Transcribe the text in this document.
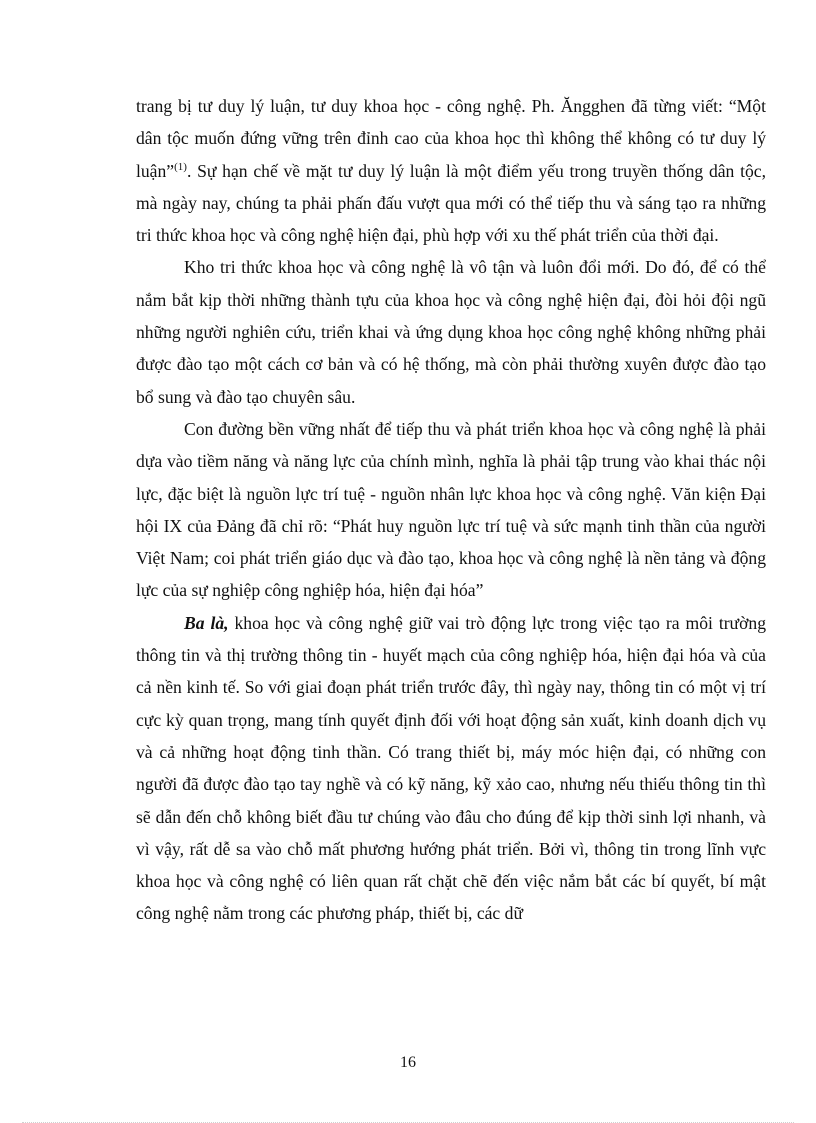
trang bị tư duy lý luận, tư duy khoa học - công nghệ. Ph. Ăngghen đã từng viết: “Một dân tộc muốn đứng vững trên đỉnh cao của khoa học thì không thể không có tư duy lý luận”$^{(1)}$. Sự hạn chế về mặt tư duy lý luận là một điểm yếu trong truyền thống dân tộc, mà ngày nay, chúng ta phải phấn đấu vượt qua mới có thể tiếp thu và sáng tạo ra những tri thức khoa học và công nghệ hiện đại, phù hợp với xu thế phát triển của thời đại.

Kho tri thức khoa học và công nghệ là vô tận và luôn đổi mới. Do đó, để có thể nắm bắt kịp thời những thành tựu của khoa học và công nghệ hiện đại, đòi hỏi đội ngũ những người nghiên cứu, triển khai và ứng dụng khoa học công nghệ không những phải được đào tạo một cách cơ bản và có hệ thống, mà còn phải thường xuyên được đào tạo bổ sung và đào tạo chuyên sâu.

Con đường bền vững nhất để tiếp thu và phát triển khoa học và công nghệ là phải dựa vào tiềm năng và năng lực của chính mình, nghĩa là phải tập trung vào khai thác nội lực, đặc biệt là nguồn lực trí tuệ - nguồn nhân lực khoa học và công nghệ. Văn kiện Đại hội IX của Đảng đã chỉ rõ: “Phát huy nguồn lực trí tuệ và sức mạnh tinh thần của người Việt Nam; coi phát triển giáo dục và đào tạo, khoa học và công nghệ là nền tảng và động lực của sự nghiệp công nghiệp hóa, hiện đại hóa”

Ba là, khoa học và công nghệ giữ vai trò động lực trong việc tạo ra môi trường thông tin và thị trường thông tin - huyết mạch của công nghiệp hóa, hiện đại hóa và của cả nền kinh tế. So với giai đoạn phát triển trước đây, thì ngày nay, thông tin có một vị trí cực kỳ quan trọng, mang tính quyết định đối với hoạt động sản xuất, kinh doanh dịch vụ và cả những hoạt động tinh thần. Có trang thiết bị, máy móc hiện đại, có những con người đã được đào tạo tay nghề và có kỹ năng, kỹ xảo cao, nhưng nếu thiếu thông tin thì sẽ dẫn đến chỗ không biết đầu tư chúng vào đâu cho đúng để kịp thời sinh lợi nhanh, và vì vậy, rất dễ sa vào chỗ mất phương hướng phát triển. Bởi vì, thông tin trong lĩnh vực khoa học và công nghệ có liên quan rất chặt chẽ đến việc nắm bắt các bí quyết, bí mật công nghệ nằm trong các phương pháp, thiết bị, các dữ

16
